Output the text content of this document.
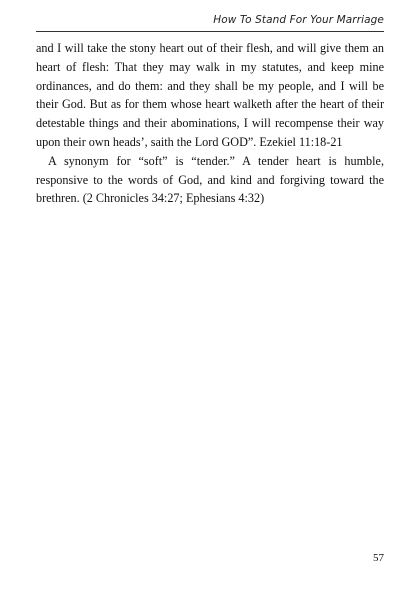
How To Stand For Your Marriage

and I will take the stony heart out of their flesh, and will give them an heart of flesh: That they may walk in my statutes, and keep mine ordinances, and do them: and they shall be my people, and I will be their God. But as for them whose heart walketh after the heart of their detestable things and their abominations, I will recompense their way upon their own heads’, saith the Lord GOD”. Ezekiel 11:18-21

A synonym for “soft” is “tender.” A tender heart is humble, responsive to the words of God, and kind and forgiving toward the brethren. (2 Chronicles 34:27; Ephesians 4:32)

57
